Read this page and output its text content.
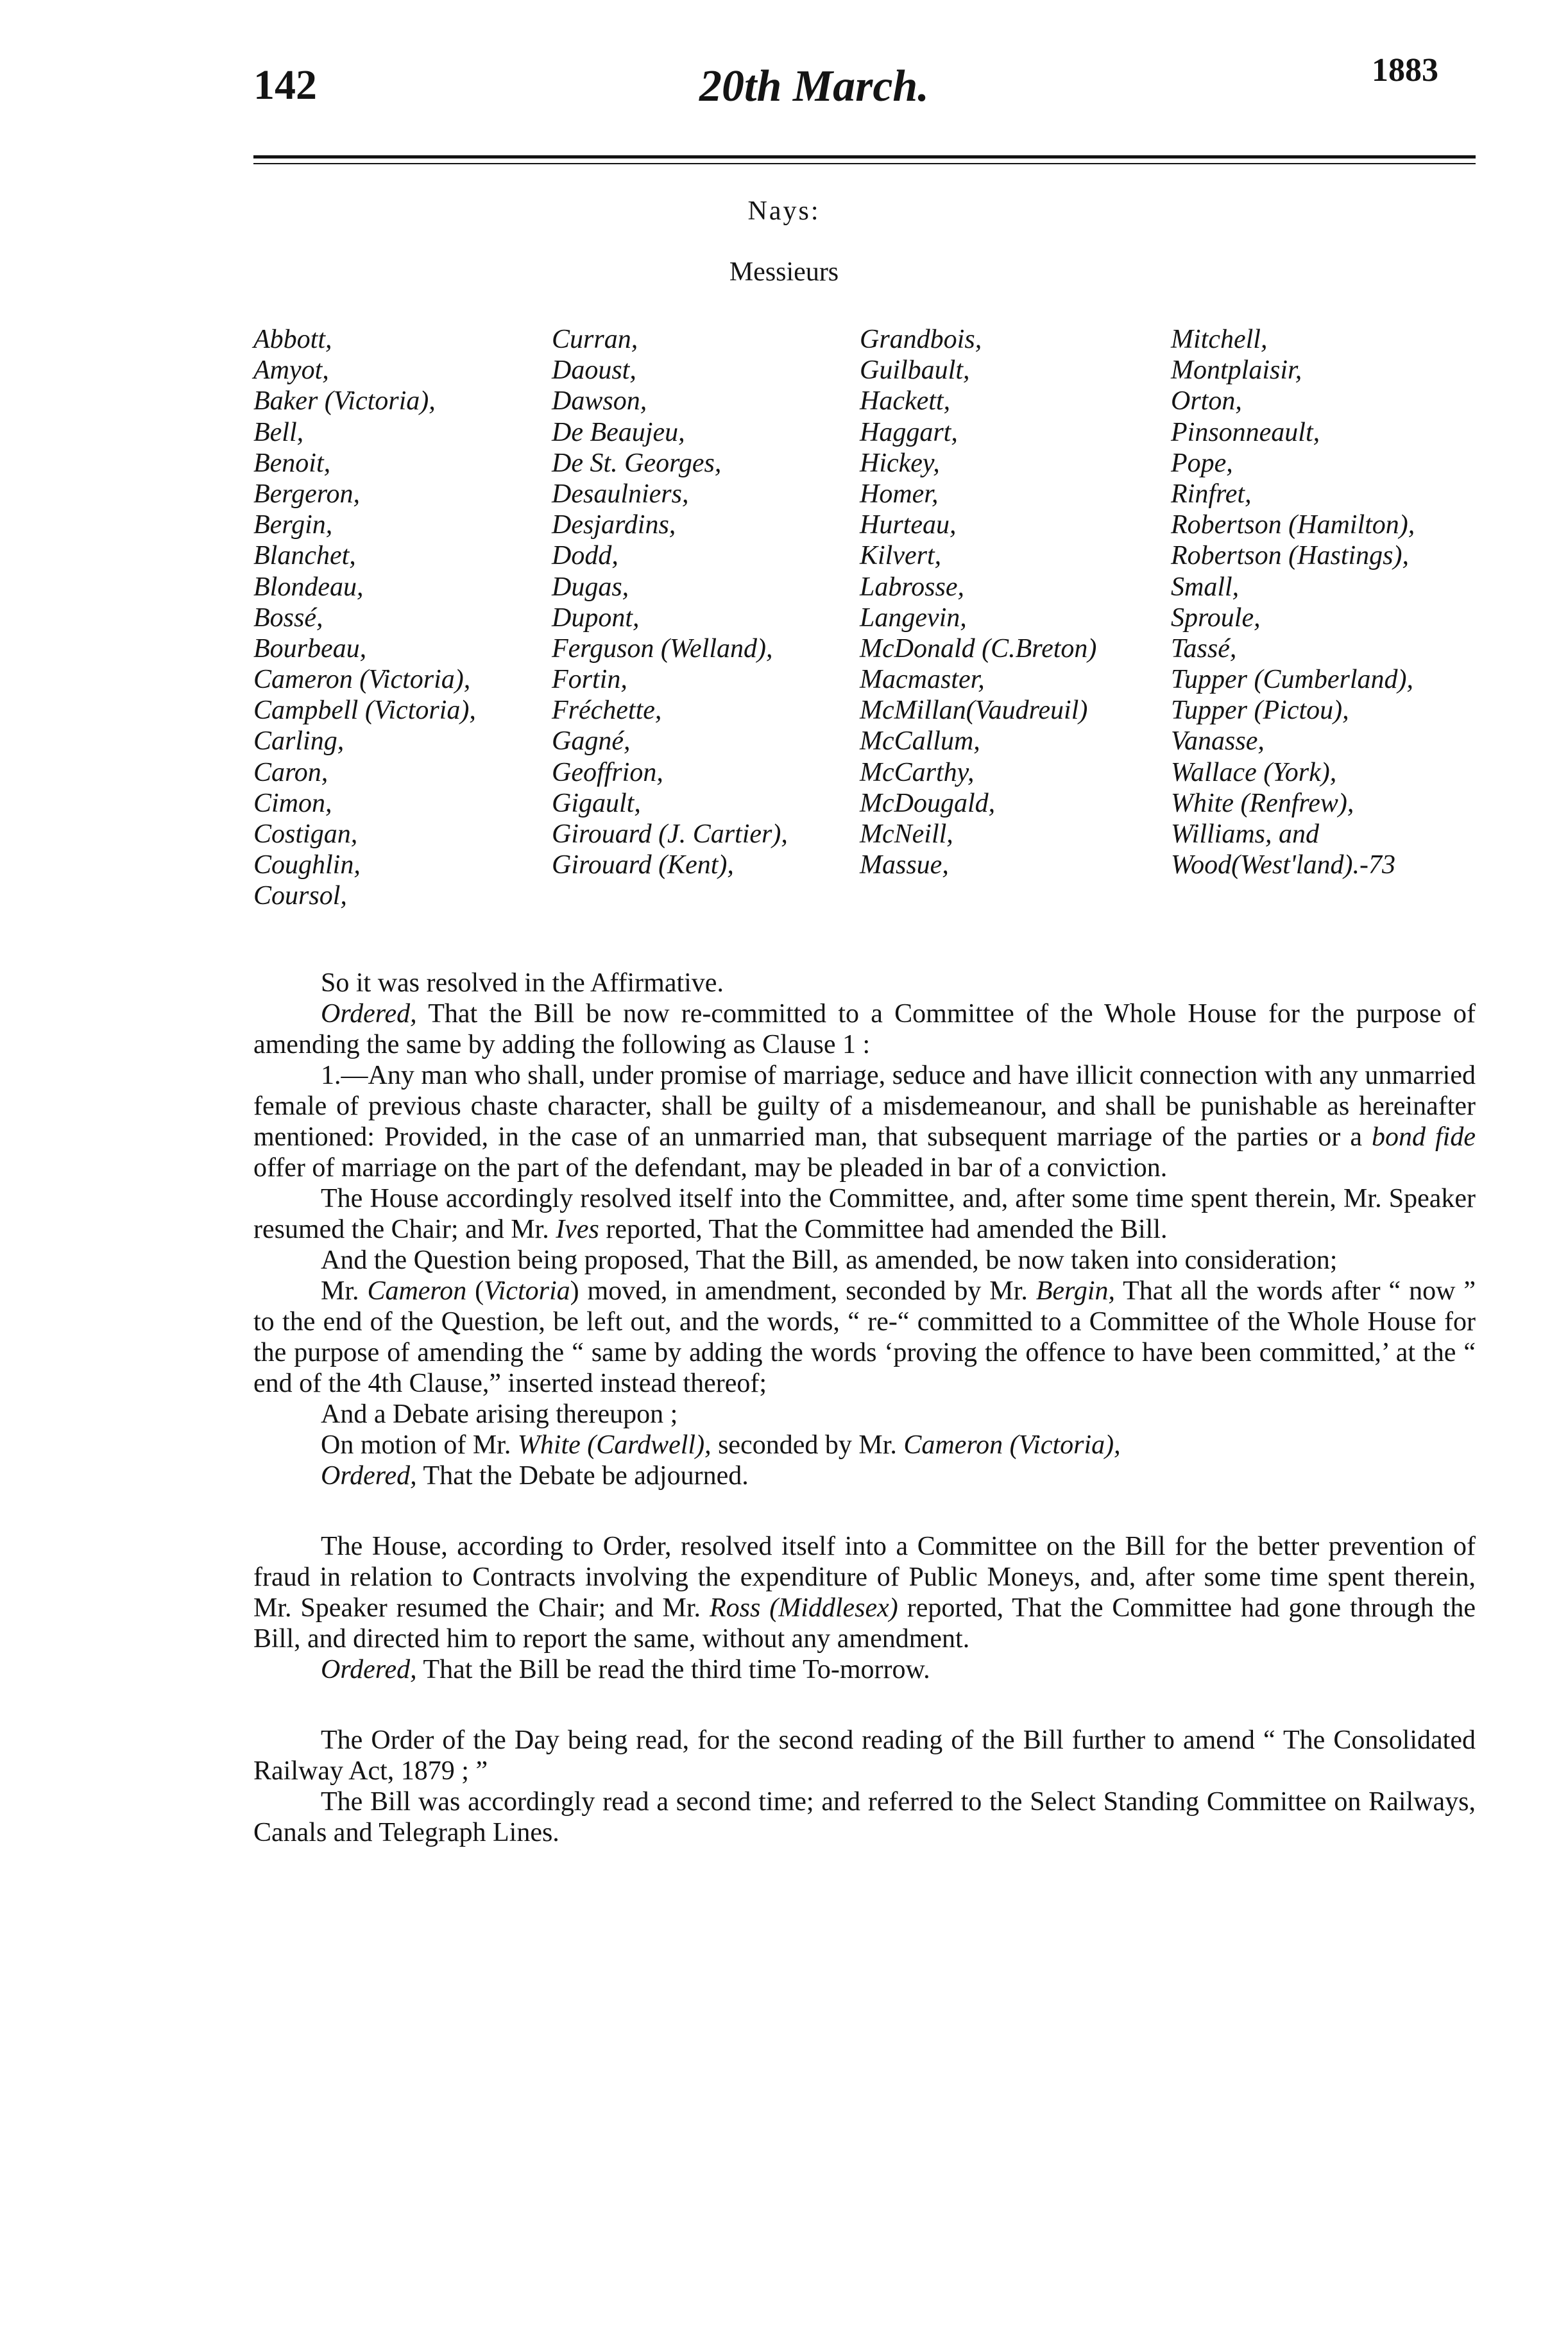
142	20th March.	1883
Nays:
Messieurs
Abbott,
Amyot,
Baker (Victoria),
Bell,
Benoit,
Bergeron,
Bergin,
Blanchet,
Blondeau,
Bossé,
Bourbeau,
Cameron (Victoria),
Campbell (Victoria),
Carling,
Caron,
Cimon,
Costigan,
Coughlin,
Coursol,
Curran,
Daoust,
Dawson,
De Beaujeu,
De St. Georges,
Desaulniers,
Desjardins,
Dodd,
Dugas,
Dupont,
Ferguson (Welland),
Fortin,
Fréchette,
Gagné,
Geoffrion,
Gigault,
Girouard (J. Cartier),
Girouard (Kent),
Grandbois,
Guilbault,
Hackett,
Haggart,
Hickey,
Homer,
Hurteau,
Kilvert,
Labrosse,
Langevin,
McDonald (C.Breton)
Macmaster,
McMillan(Vaudreuil)
McCallum,
McCarthy,
McDougald,
McNeill,
Massue,
Mitchell,
Montplaisir,
Orton,
Pinsonneault,
Pope,
Rinfret,
Robertson (Hamilton),
Robertson (Hastings),
Small,
Sproule,
Tassé,
Tupper (Cumberland),
Tupper (Pictou),
Vanasse,
Wallace (York),
White (Renfrew),
Williams, and
Wood(West'land).-73

So it was resolved in the Affirmative.

Ordered, That the Bill be now re-committed to a Committee of the Whole House for the purpose of amending the same by adding the following as Clause 1 :

1.—Any man who shall, under promise of marriage, seduce and have illicit connection with any unmarried female of previous chaste character, shall be guilty of a misdemeanour, and shall be punishable as hereinafter mentioned: Provided, in the case of an unmarried man, that subsequent marriage of the parties or a bond fide offer of marriage on the part of the defendant, may be pleaded in bar of a conviction.

The House accordingly resolved itself into the Committee, and, after some time spent therein, Mr. Speaker resumed the Chair; and Mr. Ives reported, That the Committee had amended the Bill.

And the Question being proposed, That the Bill, as amended, be now taken into consideration;

Mr. Cameron (Victoria) moved, in amendment, seconded by Mr. Bergin, That all the words after “ now ” to the end of the Question, be left out, and the words, “ re-“ committed to a Committee of the Whole House for the purpose of amending the “ same by adding the words ‘proving the offence to have been committed,’ at the “ end of the 4th Clause,” inserted instead thereof;

And a Debate arising thereupon ;

On motion of Mr. White (Cardwell), seconded by Mr. Cameron (Victoria),

Ordered, That the Debate be adjourned.

The House, according to Order, resolved itself into a Committee on the Bill for the better prevention of fraud in relation to Contracts involving the expenditure of Public Moneys, and, after some time spent therein, Mr. Speaker resumed the Chair; and Mr. Ross (Middlesex) reported, That the Committee had gone through the Bill, and directed him to report the same, without any amendment.

Ordered, That the Bill be read the third time To-morrow.

The Order of the Day being read, for the second reading of the Bill further to amend “ The Consolidated Railway Act, 1879 ; ”

The Bill was accordingly read a second time; and referred to the Select Standing Committee on Railways, Canals and Telegraph Lines.
